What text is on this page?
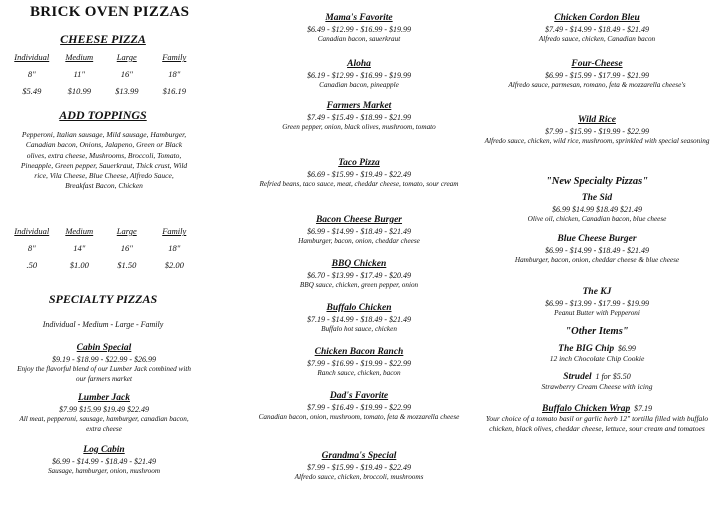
BRICK OVEN PIZZAS
CHEESE PIZZA
Individual	Medium	Large	Family
8"	11"	16"	18"
$5.49	$10.99	$13.99	$16.19
ADD TOPPINGS

Pepperoni, Italian sausage, Mild sausage, Hamburger, Canadian bacon, Onions, Jalapeno, Green or Black olives, extra cheese, Mushrooms, Broccoli, Tomato, Pineapple, Green pepper, Sauerkraut, Thick crust, Wild rice, Vila Cheese, Blue Cheese, Alfredo Sauce, Breakfast Bacon, Chicken

Individual	Medium	Large	Family
8"	14"	16"	18"
.50	$1.00	$1.50	$2.00
SPECIALTY PIZZAS
Individual - Medium - Large - Family
Cabin Special
$9.19 - $18.99 - $22.99 - $26.99
Enjoy the flavorful blend of our Lumber Jack combined with our farmers market
Lumber Jack
$7.99 $15.99 $19.49 $22.49
All meat, pepperoni, sausage, hamburger, canadian bacon, extra cheese
Log Cabin
$6.99 - $14.99 - $18.49 - $21.49
Sausage, hamburger, onion, mushroom
Mama's Favorite
$6.49 - $12.99 - $16.99 - $19.99
Canadian bacon, sauerkraut
Aloha
$6.19 - $12.99 - $16.99 - $19.99
Canadian bacon, pineapple
Farmers Market
$7.49 - $15.49 - $18.99 - $21.99
Green pepper, onion, black olives, mushroom, tomato
Taco Pizza
$6.69 - $15.99 - $19.49 - $22.49
Refried beans, taco sauce, meat, cheddar cheese, tomato, sour cream
Bacon Cheese Burger
$6.99 - $14.99 - $18.49 - $21.49
Hamburger, bacon, onion, cheddar cheese
BBQ Chicken
$6.70 - $13.99 - $17.49 - $20.49
BBQ sauce, chicken, green pepper, onion
Buffalo Chicken
$7.19 - $14.99 - $18.49 - $21.49
Buffalo hot sauce, chicken
Chicken Bacon Ranch
$7.99 - $16.99 - $19.99 - $22.99
Ranch sauce, chicken, bacon
Dad's Favorite
$7.99 - $16.49 - $19.99 - $22.99
Canadian bacon, onion, mushroom, tomato, feta & mozzarella cheese
Grandma's Special
$7.99 - $15.99 - $19.49 - $22.49
Alfredo sauce, chicken, broccoli, mushrooms
Chicken Cordon Bleu
$7.49 - $14.99 - $18.49 - $21.49
Alfredo sauce, chicken, Canadian bacon
Four-Cheese
$6.99 - $15.99 - $17.99 - $21.99
Alfredo sauce, parmesan, romano, feta & mozzarella cheese's
Wild Rice
$7.99 - $15.99 - $19.99 - $22.99
Alfredo sauce, chicken, wild rice, mushroom, sprinkled with special seasoning
"New Specialty Pizzas"
The Sid
$6.99 $14.99 $18.49 $21.49
Olive oil, chicken, Canadian bacon, blue cheese
Blue Cheese Burger
$6.99 - $14.99 - $18.49 - $21.49
Hamburger, bacon, onion, cheddar cheese & blue cheese
The KJ
$6.99 - $13.99 - $17.99 - $19.99
Peanut Butter with Pepperoni
"Other Items"
The BIG Chip $6.99
12 inch Chocolate Chip Cookie
Strudel 1 for $5.50
Strawberry Cream Cheese with icing
Buffalo Chicken Wrap $7.19
Your choice of a tomato basil or garlic herb 12" tortilla filled with buffalo chicken, black olives, cheddar cheese, lettuce, sour cream and tomatoes
